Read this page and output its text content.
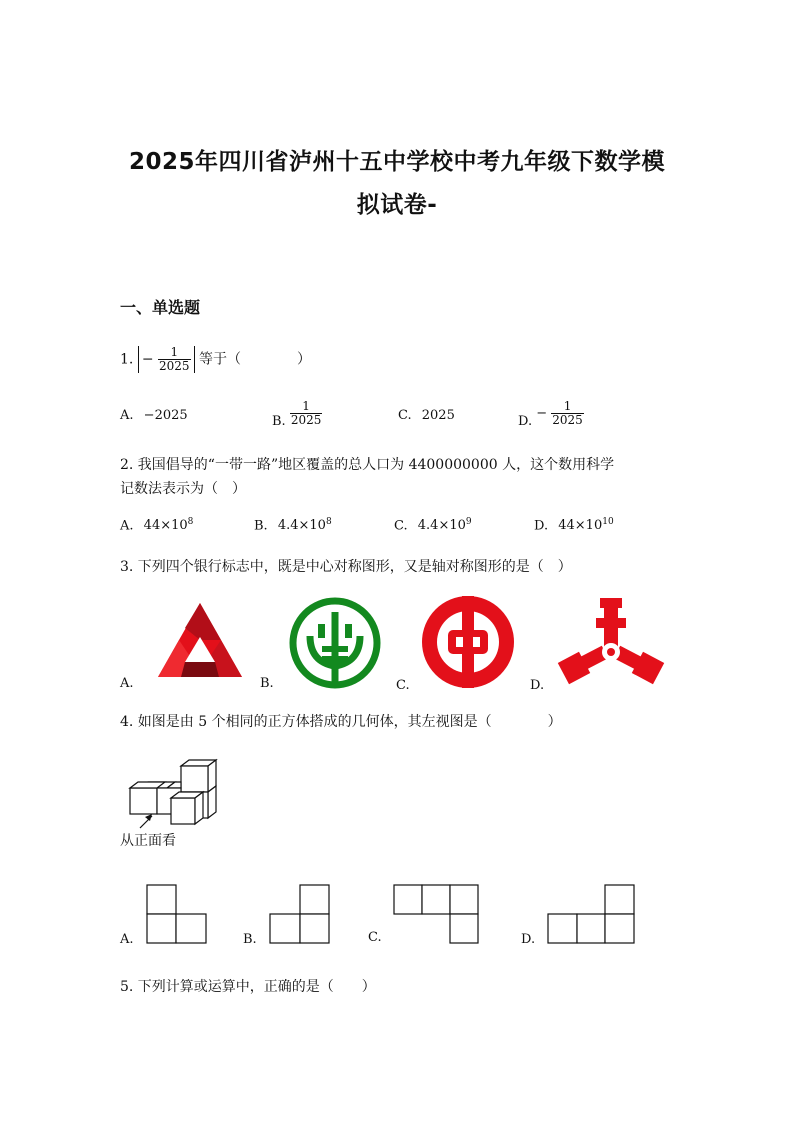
2025年四川省泸州十五中学校中考九年级下数学模
拟试卷-
一、单选题
1. − $\frac{1}{2025}$ 等于（　　　　）
A. −2025	B. $\frac{1}{2025}$	C. 2025	D. − $\frac{1}{2025}$
2. 我国倡导的“一带一路”地区覆盖的总人口为 4400000000 人，这个数用科学
记数法表示为（　）
A. $44\times 10^8$	B. $4.4\times 10^8$	C. $4.4\times 10^9$	D. $44\times 10^{10}$
3. 下列四个银行标志中，既是中心对称图形，又是轴对称图形的是（　）
A.	B.	C.	D.
4. 如图是由 5 个相同的正方体搭成的几何体，其左视图是（　　　　）
从正面看
A.	B.	C.	D.
5. 下列计算或运算中，正确的是（　　）
